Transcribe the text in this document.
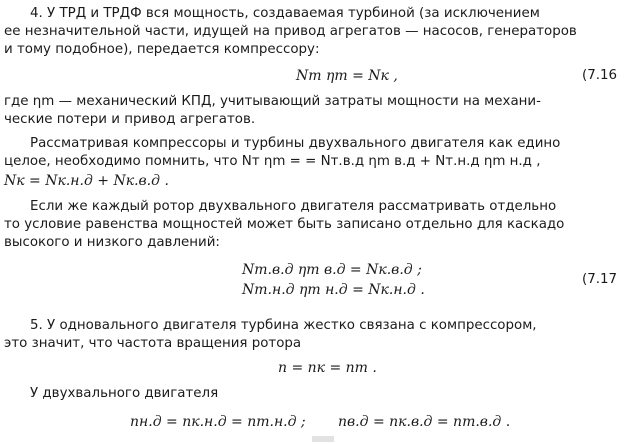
4. У ТРД и ТРДФ вся мощность, создаваемая турбиной (за исключением
ее незначительной части, идущей на привод агрегатов — насосов, генераторов
и тому подобное), передается компрессору:
Nт ηm = Nк ,	(7.16
где ηm — механический КПД, учитывающий затраты мощности на механи-
ческие потери и привод агрегатов.
Рассматривая компрессоры и турбины двухвального двигателя как едино
целое, необходимо помнить, что Nт ηm = = Nт.в.д ηm в.д + Nт.н.д ηm н.д ,
Nк = Nк.н.д + Nк.в.д .
Если же каждый ротор двухвального двигателя рассматривать отдельно
то условие равенства мощностей может быть записано отдельно для каскадо
высокого и низкого давлений:
Nт.в.д ηm в.д = Nк.в.д ;
Nт.н.д ηm н.д = Nк.н.д .
(7.17
5. У одновального двигателя турбина жестко связана с компрессором,
это значит, что частота вращения ротора
n = nк = nт .
У двухвального двигателя
nн.д = nк.н.д = nт.н.д ; nв.д = nк.в.д = nт.в.д .
